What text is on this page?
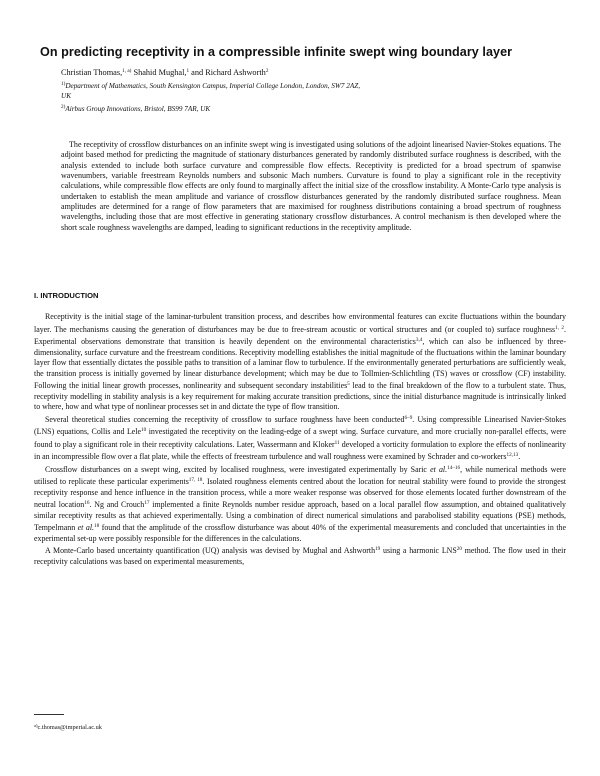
On predicting receptivity in a compressible infinite swept wing boundary layer
Christian Thomas,$^{1, a)}$ Shahid Mughal,$^1$ and Richard Ashworth$^2$
$^{1)}$Department of Mathematics, South Kensington Campus, Imperial College London, London, SW7 2AZ,
UK
$^{2)}$Airbus Group Innovations, Bristol, BS99 7AR, UK

The receptivity of crossflow disturbances on an infinite swept wing is investigated using solutions of the adjoint linearised Navier-Stokes equations. The adjoint based method for predicting the magnitude of stationary disturbances generated by randomly distributed surface roughness is described, with the analysis extended to include both surface curvature and compressible flow effects. Receptivity is predicted for a broad spectrum of spanwise wavenumbers, variable freestream Reynolds numbers and subsonic Mach numbers. Curvature is found to play a significant role in the receptivity calculations, while compressible flow effects are only found to marginally affect the initial size of the crossflow instability. A Monte-Carlo type analysis is undertaken to establish the mean amplitude and variance of crossflow disturbances generated by the randomly distributed surface roughness. Mean amplitudes are determined for a range of flow parameters that are maximised for roughness distributions containing a broad spectrum of roughness wavelengths, including those that are most effective in generating stationary crossflow disturbances. A control mechanism is then developed where the short scale roughness wavelengths are damped, leading to significant reductions in the receptivity amplitude.

I. INTRODUCTION

Receptivity is the initial stage of the laminar-turbulent transition process, and describes how environmental features can excite fluctuations within the boundary layer. The mechanisms causing the generation of disturbances may be due to free-stream acoustic or vortical structures and (or coupled to) surface roughness$^{1, 2}$. Experimental observations demonstrate that transition is heavily dependent on the environmental characteristics$^{3,4}$, which can also be influenced by three-dimensionality, surface curvature and the freestream conditions. Receptivity modelling establishes the initial magnitude of the fluctuations within the laminar boundary layer flow that essentially dictates the possible paths to transition of a laminar flow to turbulence. If the environmentally generated perturbations are sufficiently weak, the transition process is initially governed by linear disturbance development; which may be due to Tollmien-Schlichtling (TS) waves or crossflow (CF) instability. Following the initial linear growth processes, nonlinearity and subsequent secondary instabilities$^5$ lead to the final breakdown of the flow to a turbulent state. Thus, receptivity modelling in stability analysis is a key requirement for making accurate transition predictions, since the initial disturbance magnitude is intrinsically linked to where, how and what type of nonlinear processes set in and dictate the type of flow transition.

Several theoretical studies concerning the receptivity of crossflow to surface roughness have been conducted$^{6-9}$. Using compressible Linearised Navier-Stokes (LNS) equations, Collis and Lele$^{10}$ investigated the receptivity on the leading-edge of a swept wing. Surface curvature, and more crucially non-parallel effects, were found to play a significant role in their receptivity calculations. Later, Wassermann and Kloker$^{11}$ developed a vorticity formulation to explore the effects of nonlinearity in an incompressible flow over a flat plate, while the effects of freestream turbulence and wall roughness were examined by Schrader and co-workers$^{12,13}$.

Crossflow disturbances on a swept wing, excited by localised roughness, were investigated experimentally by Saric et al.$^{14-16}$, while numerical methods were utilised to replicate these particular experiments$^{17, 18}$. Isolated roughness elements centred about the location for neutral stability were found to provide the strongest receptivity response and hence influence in the transition process, while a more weaker response was observed for those elements located further downstream of the neutral location$^{16}$. Ng and Crouch$^{17}$ implemented a finite Reynolds number residue approach, based on a local parallel flow assumption, and obtained qualitatively similar receptivity results as that achieved experimentally. Using a combination of direct numerical simulations and parabolised stability equations (PSE) methods, Tempelmann et al.$^{18}$ found that the amplitude of the crossflow disturbance was about 40% of the experimental measurements and concluded that uncertainties in the experimental set-up were possibly responsible for the differences in the calculations.

A Monte-Carlo based uncertainty quantification (UQ) analysis was devised by Mughal and Ashworth$^{19}$ using a harmonic LNS$^{20}$ method. The flow used in their receptivity calculations was based on experimental measurements,

$^{a)}$c.thomas@imperial.ac.uk
